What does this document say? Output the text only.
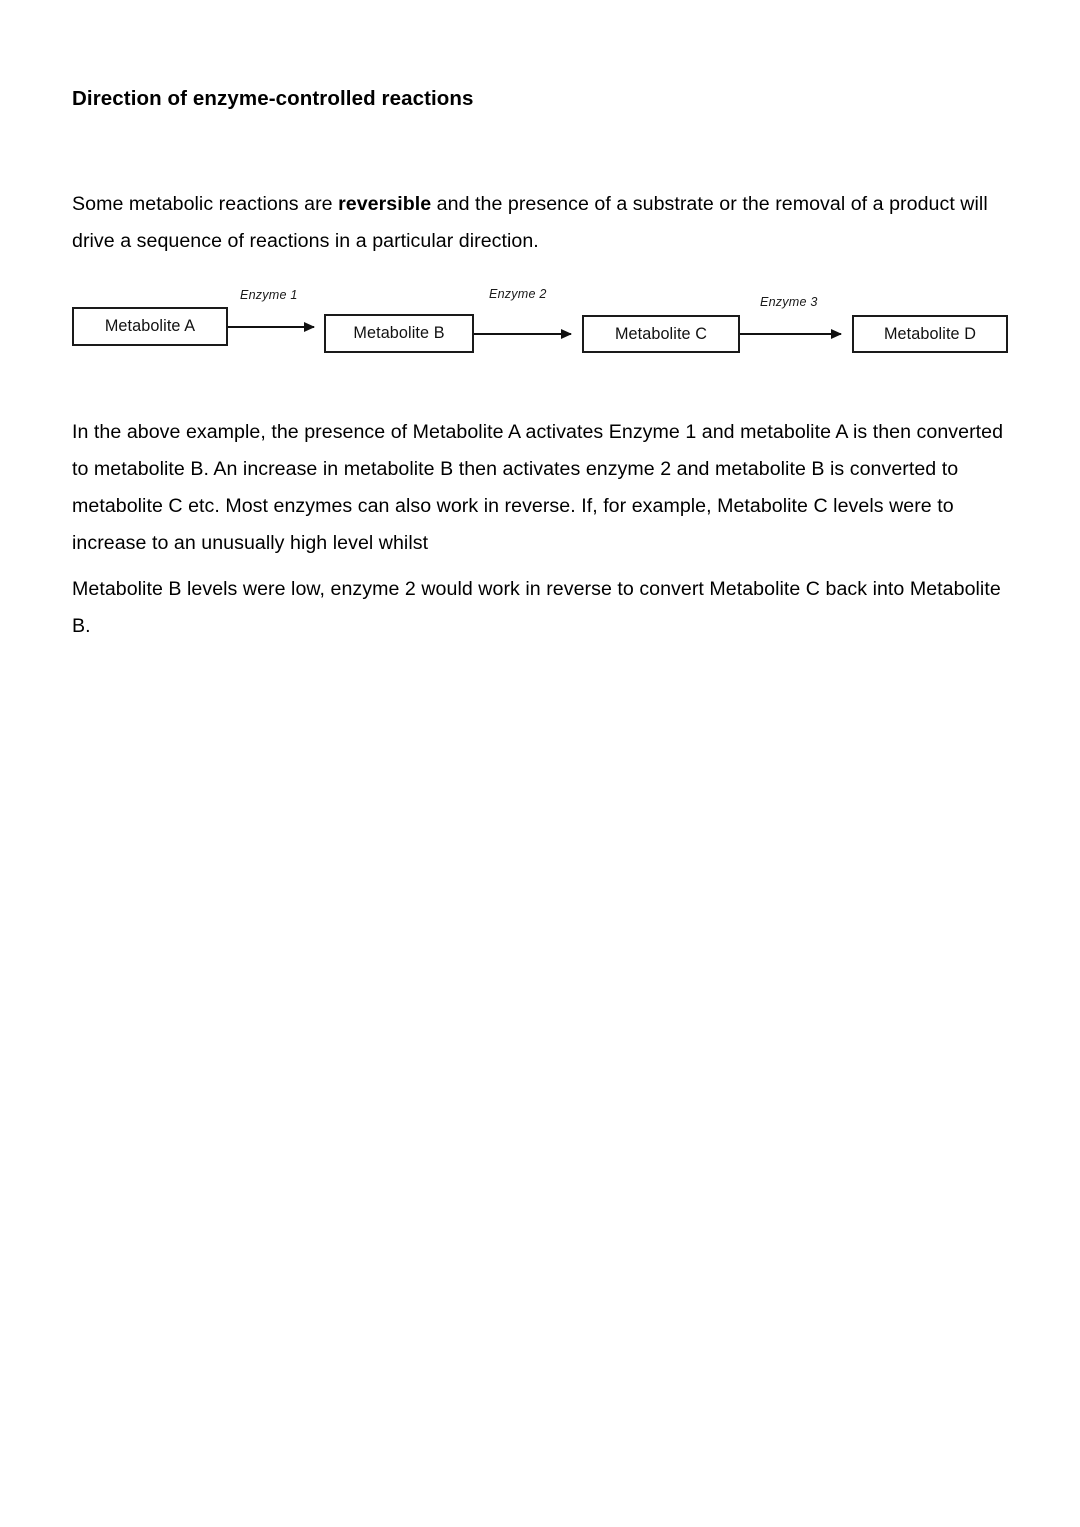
Direction of enzyme-controlled reactions

Some metabolic reactions are reversible and the presence of a substrate or the removal of a product will drive a sequence of reactions in a particular direction.

Enzyme 1	Enzyme 2
Enzyme 3
Metabolite A	Metabolite B	Metabolite C	Metabolite D

In the above example, the presence of Metabolite A activates Enzyme 1 and metabolite A is then converted to metabolite B. An increase in metabolite B then activates enzyme 2 and metabolite B is converted to metabolite C etc. Most enzymes can also work in reverse. If, for example, Metabolite C levels were to increase to an unusually high level whilst

Metabolite B levels were low, enzyme 2 would work in reverse to convert Metabolite C back into Metabolite B.
